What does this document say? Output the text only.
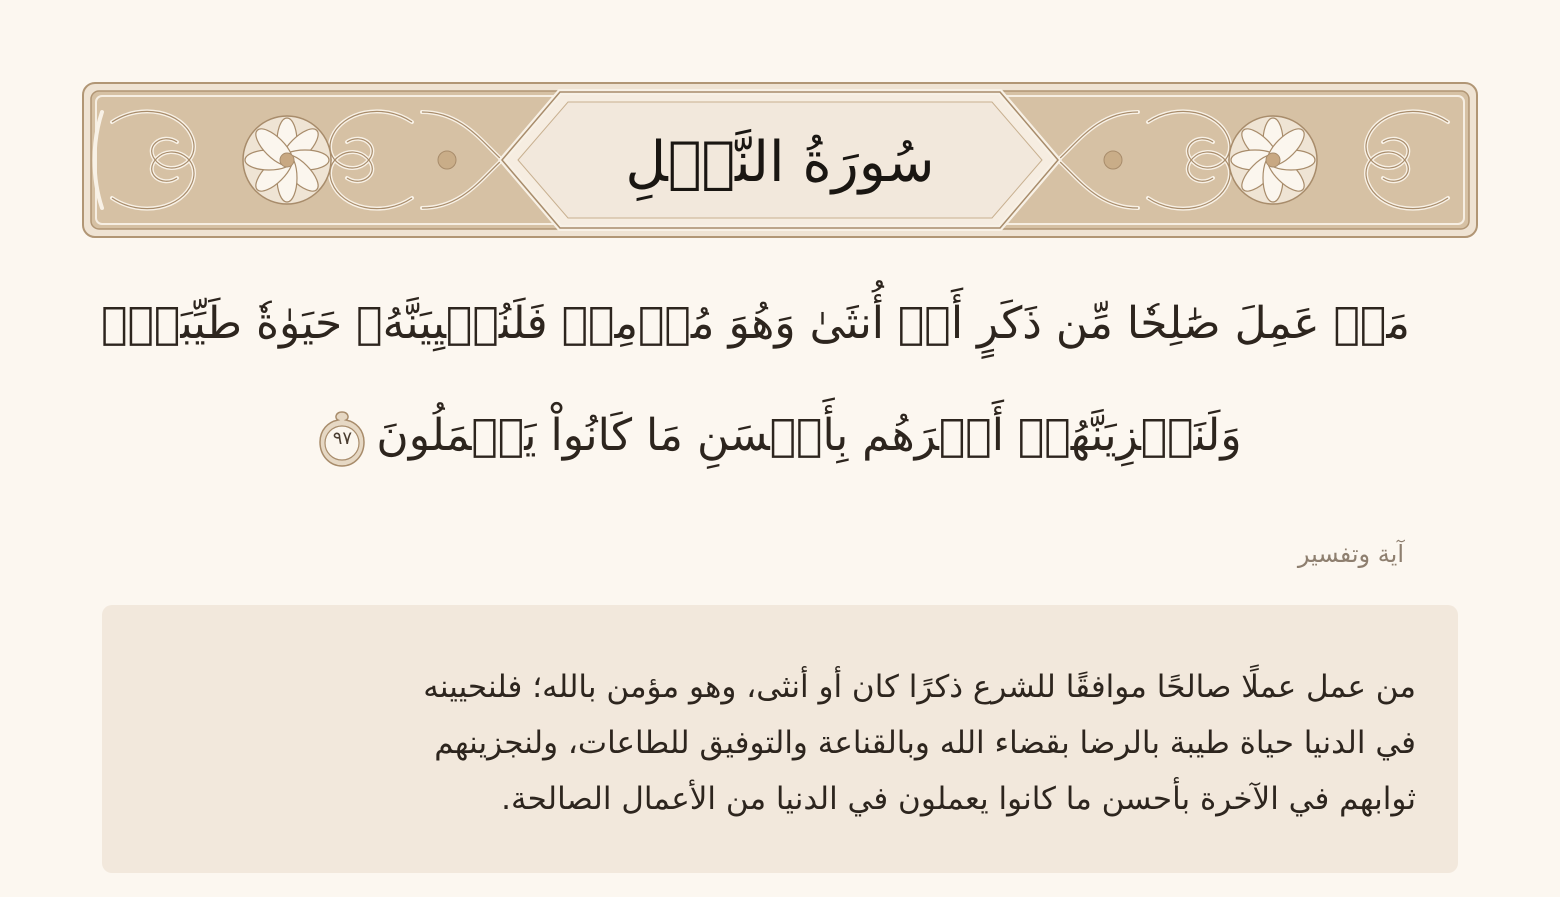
سُورَةُ النَّحۡلِ
مَنۡ عَمِلَ صَٰلِحٗا مِّن ذَكَرٍ أَوۡ أُنثَىٰ وَهُوَ مُؤۡمِنٞ فَلَنُحۡيِيَنَّهُۥ حَيَوٰةٗ طَيِّبَةٗۖ
وَلَنَجۡزِيَنَّهُمۡ أَجۡرَهُم بِأَحۡسَنِ مَا كَانُواْ يَعۡمَلُونَ
٩٧
آية وتفسير
من عمل عملًا صالحًا موافقًا للشرع ذكرًا كان أو أنثى، وهو مؤمن بالله؛ فلنحيينه
في الدنيا حياة طيبة بالرضا بقضاء الله وبالقناعة والتوفيق للطاعات، ولنجزينهم
ثوابهم في الآخرة بأحسن ما كانوا يعملون في الدنيا من الأعمال الصالحة.
